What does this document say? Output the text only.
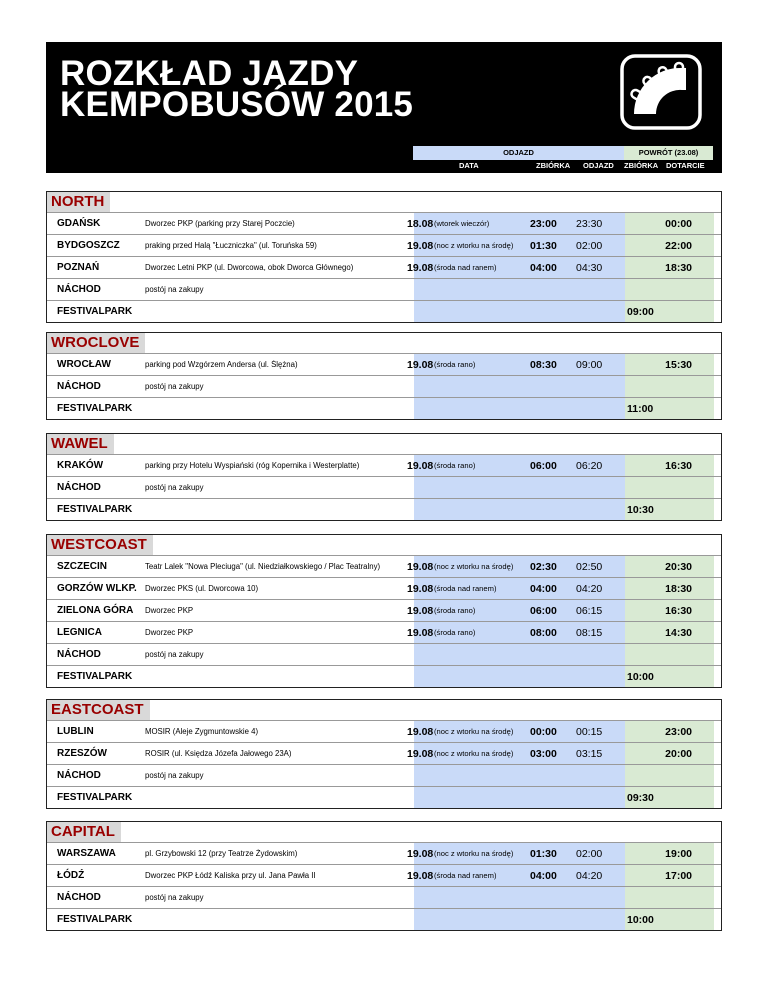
ROZKŁAD JAZDY
KEMPOBUSÓW 2015
ODJAZD	POWRÓT (23.08)
DATA	ZBIÓRKA ODJAZD ZBIÓRKA DOTARCIE
NORTH
GDAŃSK	Dworzec PKP (parking przy Starej Poczcie)	18.08 (wtorek wieczór)	23:00	23:30	00:00
BYDGOSZCZ	praking przed Halą "Łuczniczka" (ul. Toruńska 59)	19.08 (noc z wtorku na środę)	01:30	02:00	22:00
POZNAŃ	Dworzec Letni PKP (ul. Dworcowa, obok Dworca Głównego)	19.08 (środa nad ranem)	04:00	04:30	18:30
NÁCHOD	postój na zakupy
FESTIVALPARK	09:00
WROCLOVE
WROCŁAW	parking pod Wzgórzem Andersa (ul. Ślężna)	19.08 (środa rano)	08:30	09:00	15:30
NÁCHOD	postój na zakupy
FESTIVALPARK	11:00
WAWEL
KRAKÓW	parking przy Hotelu Wyspiański (róg Kopernika i Westerplatte)	19.08 (środa rano)	06:00	06:20	16:30
NÁCHOD	postój na zakupy
FESTIVALPARK	10:30
WESTCOAST
SZCZECIN	Teatr Lalek "Nowa Pleciuga" (ul. Niedziałkowskiego / Plac Teatralny)	19.08 (noc z wtorku na środę)	02:30	02:50	20:30
GORZÓW WLKP.	Dworzec PKS (ul. Dworcowa 10)	19.08 (środa nad ranem)	04:00	04:20	18:30
ZIELONA GÓRA	Dworzec PKP	19.08 (środa rano)	06:00	06:15	16:30
LEGNICA	Dworzec PKP	19.08 (środa rano)	08:00	08:15	14:30
NÁCHOD	postój na zakupy
FESTIVALPARK	10:00
EASTCOAST
LUBLIN	MOSIR (Aleje Zygmuntowskie 4)	19.08 (noc z wtorku na środę)	00:00	00:15	23:00
RZESZÓW	ROSIR (ul. Księdza Józefa Jałowego 23A)	19.08 (noc z wtorku na środę)	03:00	03:15	20:00
NÁCHOD	postój na zakupy
FESTIVALPARK	09:30
CAPITAL
WARSZAWA	pl. Grzybowski 12 (przy Teatrze Żydowskim)	19.08 (noc z wtorku na środę)	01:30	02:00	19:00
ŁÓDŹ	Dworzec PKP Łódź Kaliska przy ul. Jana Pawła II	19.08 (środa nad ranem)	04:00	04:20	17:00
NÁCHOD	postój na zakupy
FESTIVALPARK	10:00
